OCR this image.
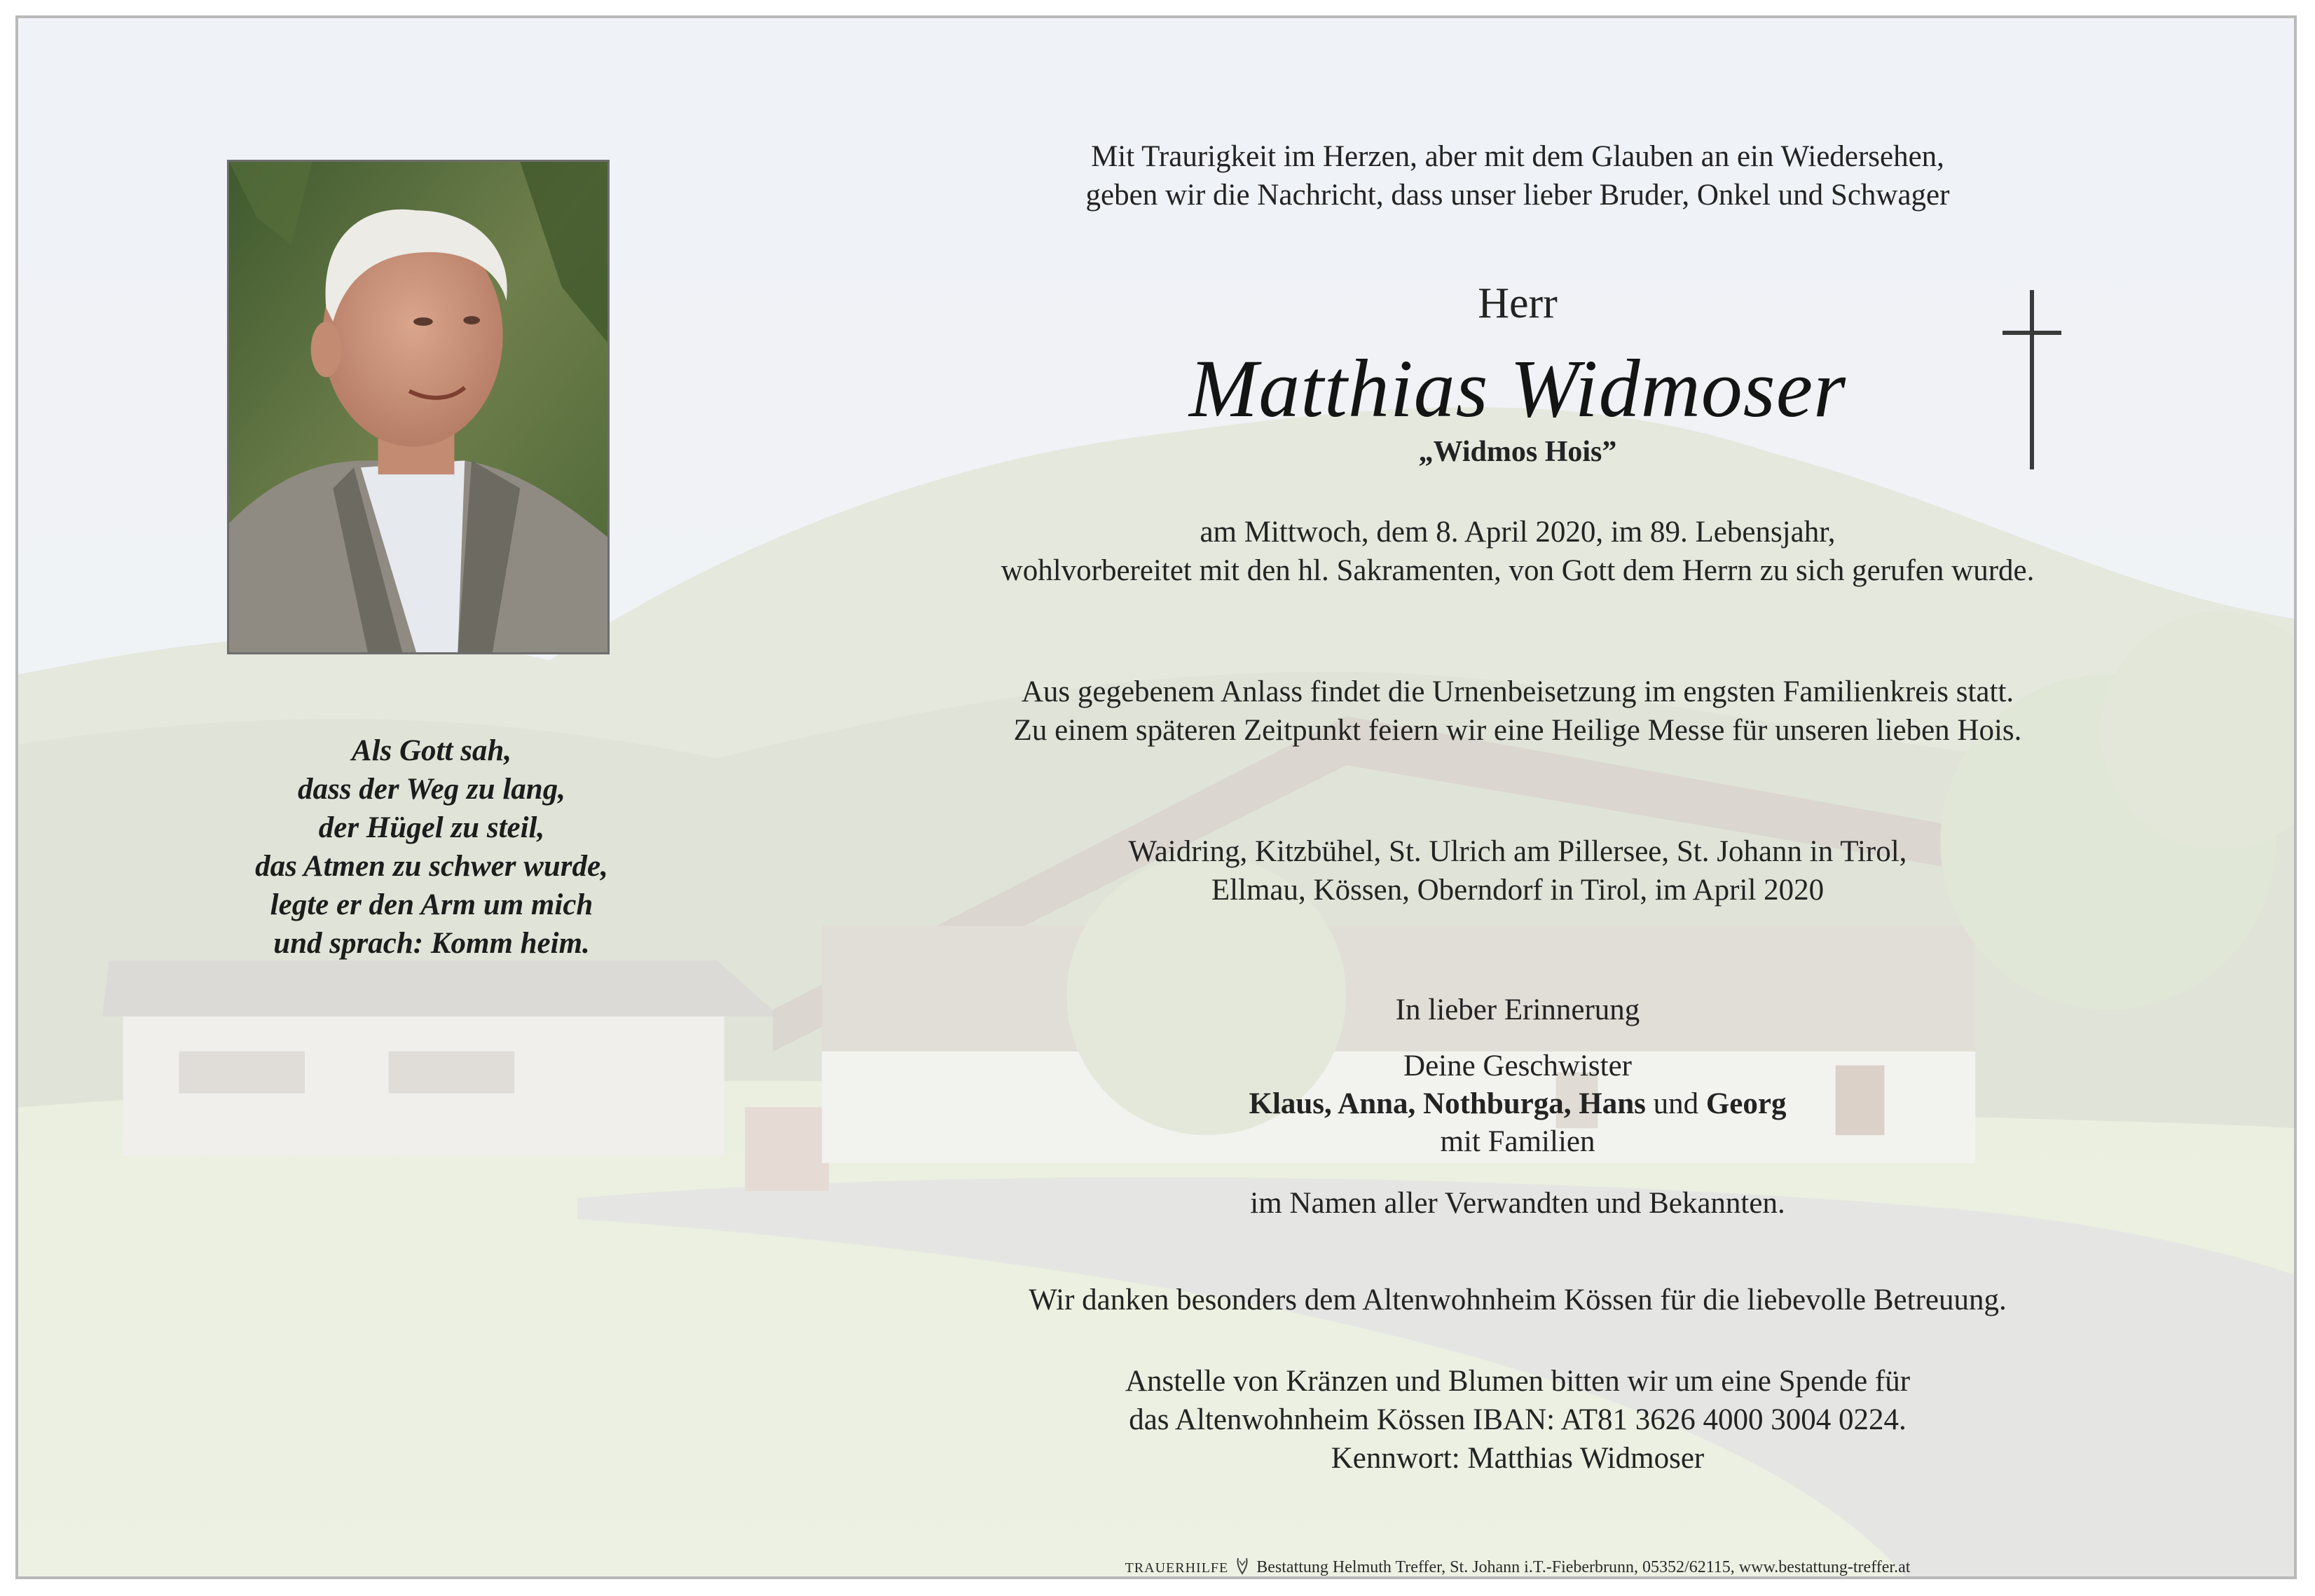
Als Gott sah,
dass der Weg zu lang,
der Hügel zu steil,
das Atmen zu schwer wurde,
legte er den Arm um mich
und sprach: Komm heim.
Mit Traurigkeit im Herzen, aber mit dem Glauben an ein Wiedersehen,
geben wir die Nachricht, dass unser lieber Bruder, Onkel und Schwager
Herr
Matthias Widmoser
„Widmos Hois”
am Mittwoch, dem 8. April 2020, im 89. Lebensjahr,
wohlvorbereitet mit den hl. Sakramenten, von Gott dem Herrn zu sich gerufen wurde.
Aus gegebenem Anlass findet die Urnenbeisetzung im engsten Familienkreis statt.
Zu einem späteren Zeitpunkt feiern wir eine Heilige Messe für unseren lieben Hois.
Waidring, Kitzbühel, St. Ulrich am Pillersee, St. Johann in Tirol,
Ellmau, Kössen, Oberndorf in Tirol, im April 2020
In lieber Erinnerung
Deine Geschwister
Klaus, Anna, Nothburga, Hans und Georg
mit Familien
im Namen aller Verwandten und Bekannten.
Wir danken besonders dem Altenwohnheim Kössen für die liebevolle Betreuung.
Anstelle von Kränzen und Blumen bitten wir um eine Spende für
das Altenwohnheim Kössen IBAN: AT81 3626 4000 3004 0224.
Kennwort: Matthias Widmoser
TRAUERHILFE Bestattung Helmuth Treffer, St. Johann i.T.-Fieberbrunn, 05352/62115, www.bestattung-treffer.at
